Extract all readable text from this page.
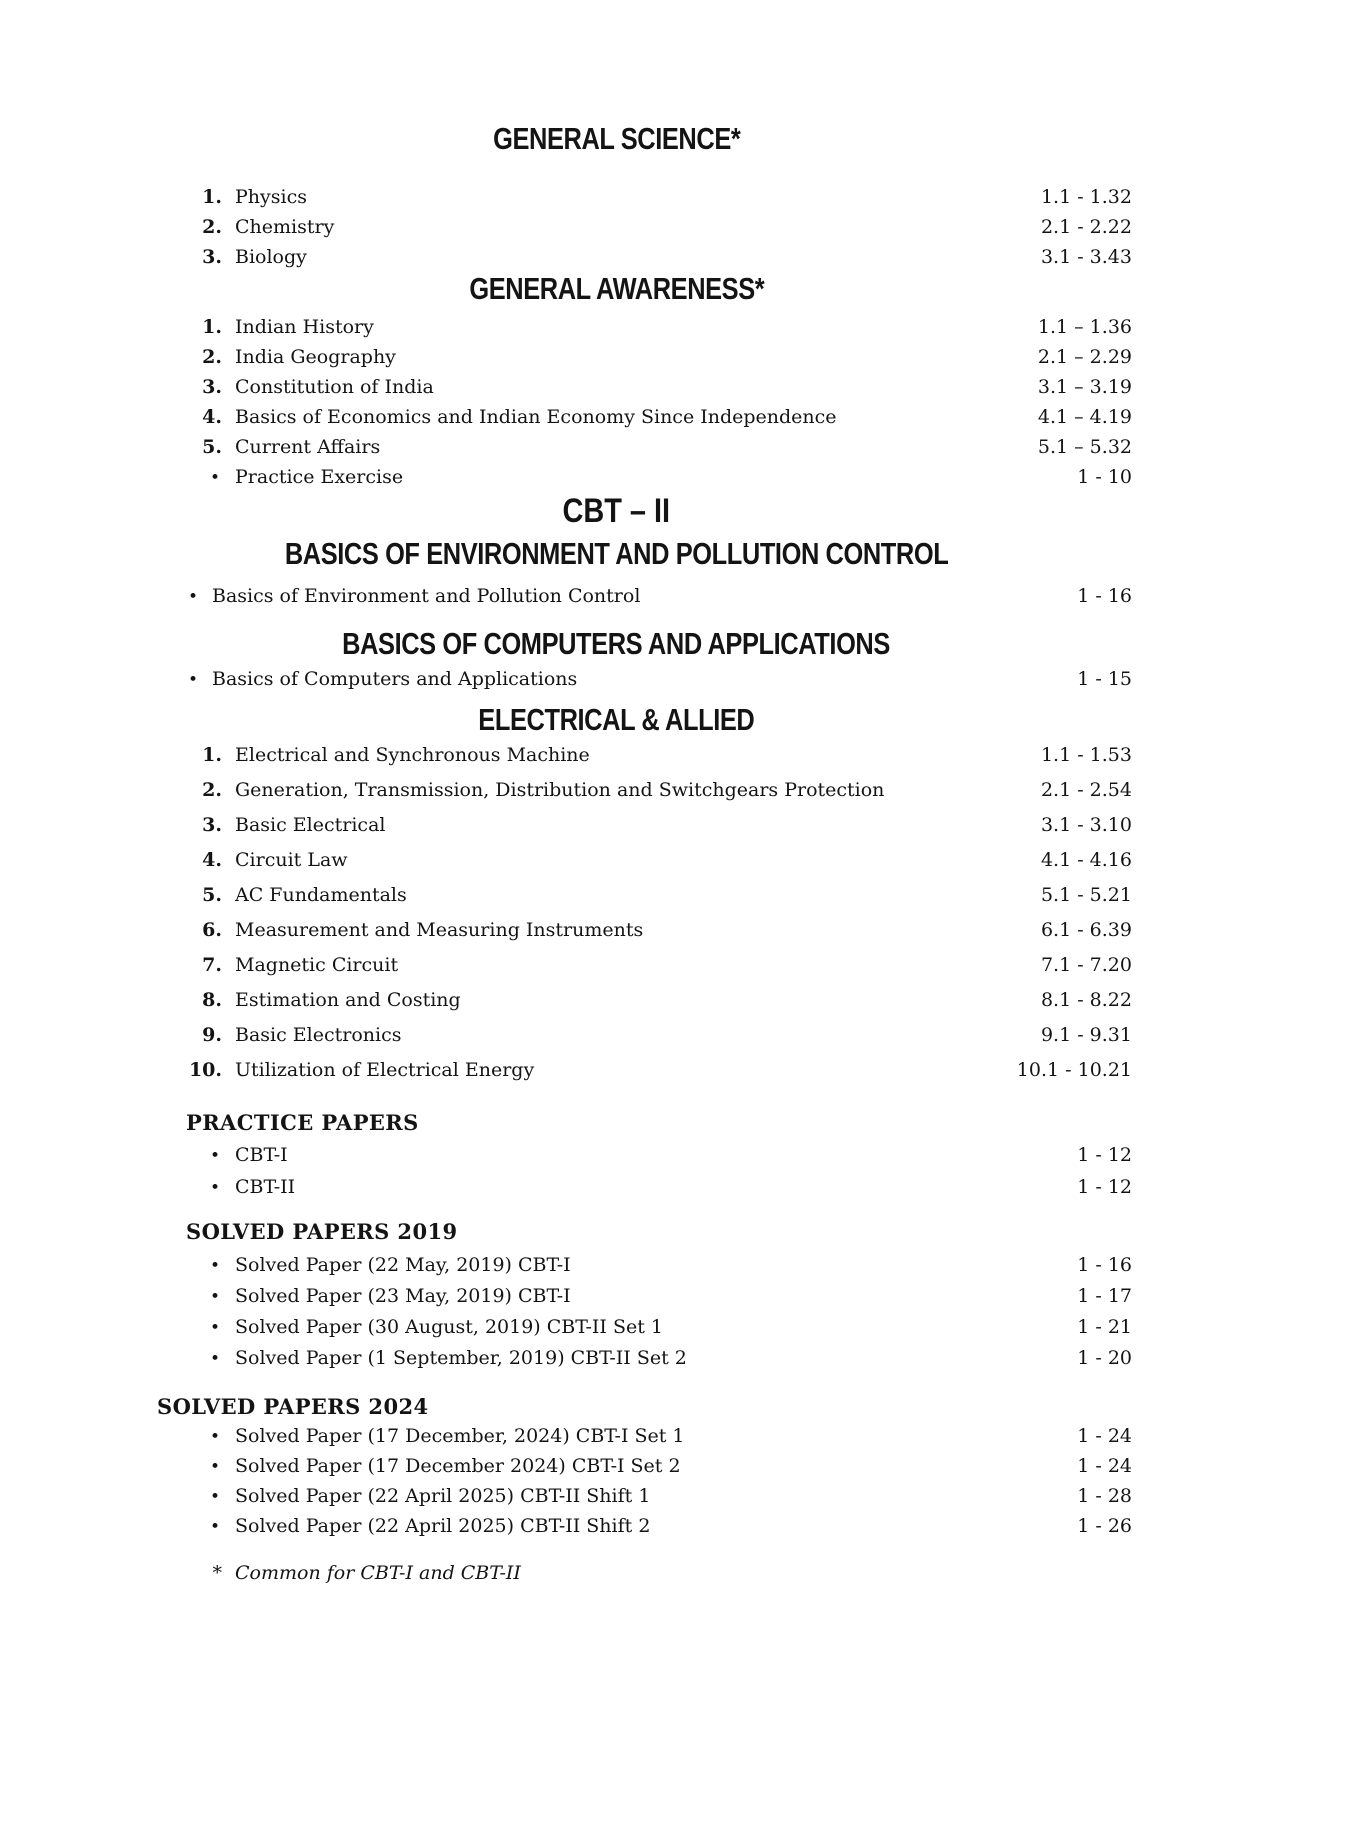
GENERAL SCIENCE*
1. Physics	1.1 - 1.32
2. Chemistry	2.1 - 2.22
3. Biology	3.1 - 3.43
GENERAL AWARENESS*
1. Indian History	1.1 – 1.36
2. India Geography	2.1 – 2.29
3. Constitution of India	3.1 – 3.19
4. Basics of Economics and Indian Economy Since Independence	4.1 – 4.19
5. Current Affairs	5.1 – 5.32
• Practice Exercise	1 - 10
CBT – II
BASICS OF ENVIRONMENT AND POLLUTION CONTROL
• Basics of Environment and Pollution Control	1 - 16
BASICS OF COMPUTERS AND APPLICATIONS
• Basics of Computers and Applications	1 - 15
ELECTRICAL & ALLIED
1. Electrical and Synchronous Machine	1.1 - 1.53
2. Generation, Transmission, Distribution and Switchgears Protection	2.1 - 2.54
3. Basic Electrical	3.1 - 3.10
4. Circuit Law	4.1 - 4.16
5. AC Fundamentals	5.1 - 5.21
6. Measurement and Measuring Instruments	6.1 - 6.39
7. Magnetic Circuit	7.1 - 7.20
8. Estimation and Costing	8.1 - 8.22
9. Basic Electronics	9.1 - 9.31
10. Utilization of Electrical Energy	10.1 - 10.21
PRACTICE PAPERS
• CBT-I	1 - 12
• CBT-II	1 - 12
SOLVED PAPERS 2019
• Solved Paper (22 May, 2019) CBT-I	1 - 16
• Solved Paper (23 May, 2019) CBT-I	1 - 17
• Solved Paper (30 August, 2019) CBT-II Set 1	1 - 21
• Solved Paper (1 September, 2019) CBT-II Set 2	1 - 20
SOLVED PAPERS 2024
• Solved Paper (17 December, 2024) CBT-I Set 1	1 - 24
• Solved Paper (17 December 2024) CBT-I Set 2	1 - 24
• Solved Paper (22 April 2025) CBT-II Shift 1	1 - 28
• Solved Paper (22 April 2025) CBT-II Shift 2	1 - 26
* Common for CBT-I and CBT-II
